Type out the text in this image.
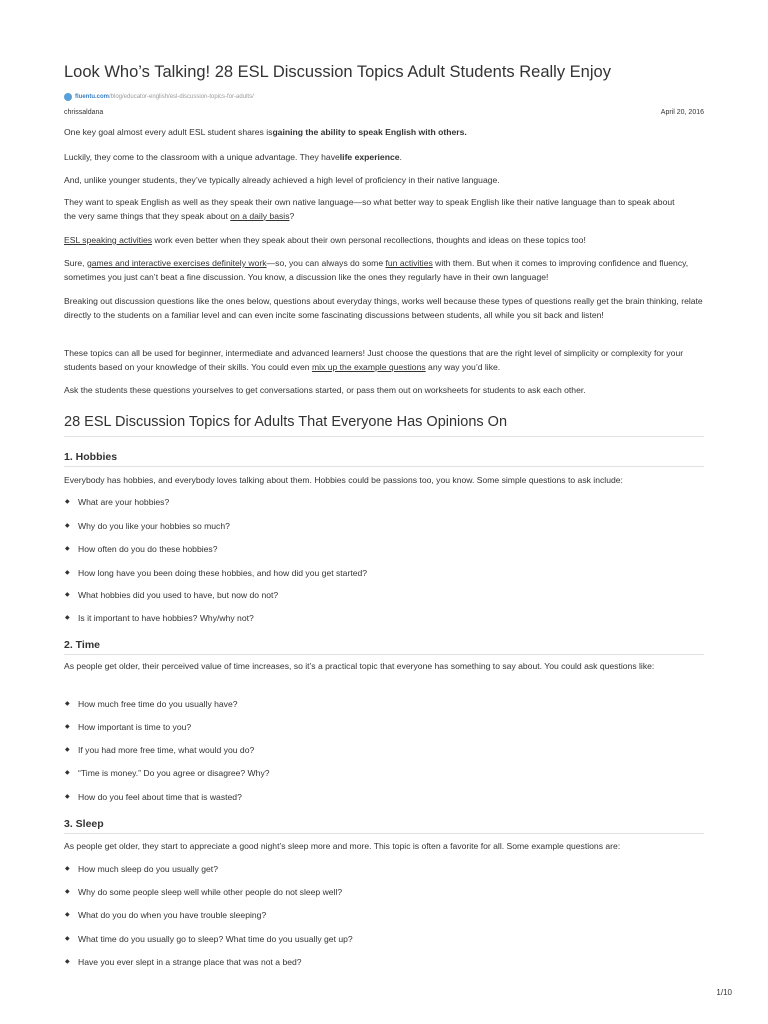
Look Who’s Talking! 28 ESL Discussion Topics Adult Students Really Enjoy
fluentu.com /blog/educator-english/esl-discussion-topics-for-adults/
chrissaldana	April 20, 2016

One key goal almost every adult ESL student shares isgaining the ability to speak English with others.

Luckily, they come to the classroom with a unique advantage. They havelife experience.

And, unlike younger students, they’ve typically already achieved a high level of proficiency in their native language.

They want to speak English as well as they speak their own native language—so what better way to speak English like their native language than to speak about the very same things that they speak about on a daily basis?

ESL speaking activities work even better when they speak about their own personal recollections, thoughts and ideas on these topics too!

Sure, games and interactive exercises definitely work—so, you can always do some fun activities with them. But when it comes to improving confidence and fluency, sometimes you just can’t beat a fine discussion. You know, a discussion like the ones they regularly have in their own language!

Breaking out discussion questions like the ones below, questions about everyday things, works well because these types of questions really get the brain thinking, relate directly to the students on a familiar level and can even incite some fascinating discussions between students, all while you sit back and listen!

These topics can all be used for beginner, intermediate and advanced learners! Just choose the questions that are the right level of simplicity or complexity for your students based on your knowledge of their skills. You could even mix up the example questions any way you’d like.

Ask the students these questions yourselves to get conversations started, or pass them out on worksheets for students to ask each other.

28 ESL Discussion Topics for Adults That Everyone Has Opinions On
1. Hobbies

Everybody has hobbies, and everybody loves talking about them. Hobbies could be passions too, you know. Some simple questions to ask include:

◆ What are your hobbies?
◆ Why do you like your hobbies so much?
◆ How often do you do these hobbies?
◆ How long have you been doing these hobbies, and how did you get started?
◆ What hobbies did you used to have, but now do not?
◆ Is it important to have hobbies? Why/why not?
2. Time

As people get older, their perceived value of time increases, so it’s a practical topic that everyone has something to say about. You could ask questions like:

◆ How much free time do you usually have?
◆ How important is time to you?
◆ If you had more free time, what would you do?
◆ “Time is money.” Do you agree or disagree? Why?
◆ How do you feel about time that is wasted?
3. Sleep

As people get older, they start to appreciate a good night’s sleep more and more. This topic is often a favorite for all. Some example questions are:

◆ How much sleep do you usually get?
◆ Why do some people sleep well while other people do not sleep well?
◆ What do you do when you have trouble sleeping?
◆ What time do you usually go to sleep? What time do you usually get up?
◆ Have you ever slept in a strange place that was not a bed?
1/10
